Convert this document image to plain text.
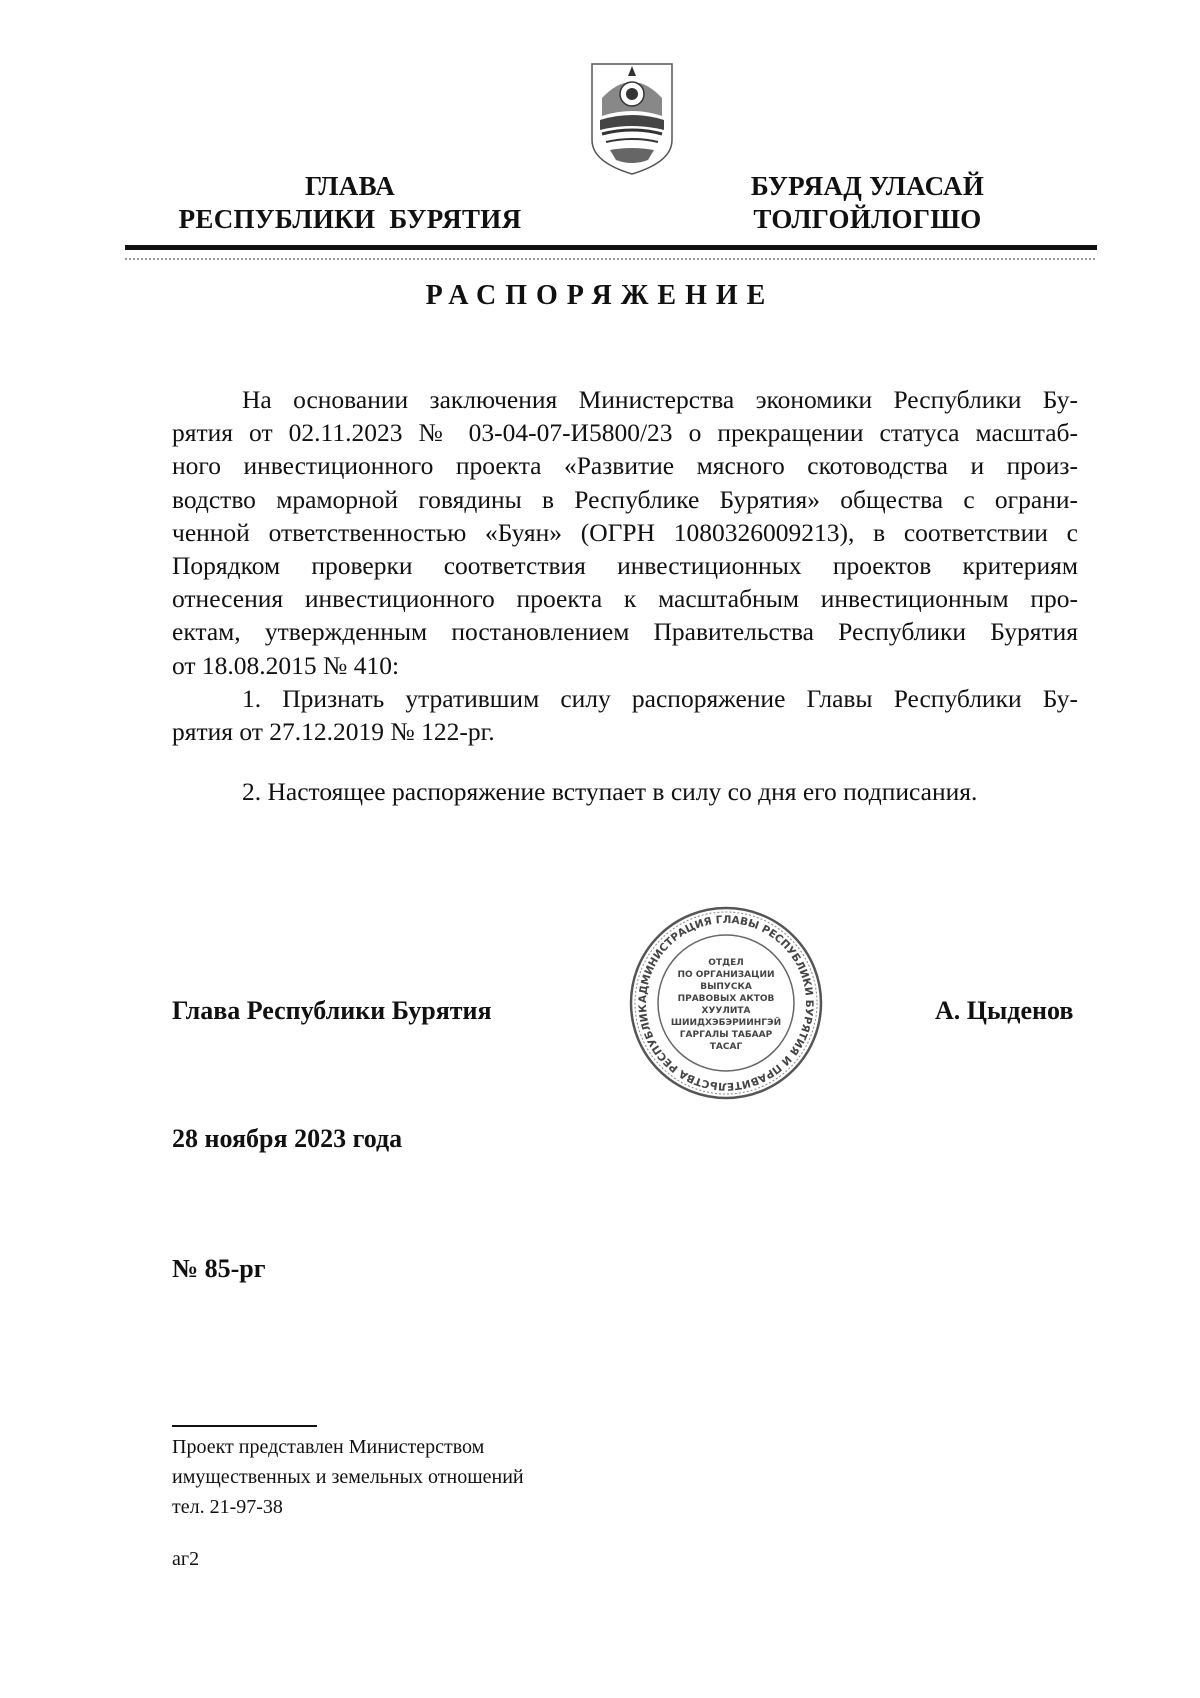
ГЛАВА
РЕСПУБЛИКИ  БУРЯТИЯ
БУРЯАД УЛАСАЙ
ТОЛГОЙЛОГШО
РАСПОРЯЖЕНИЕ
На основании заключения Министерства экономики Республики Бу-
рятия от 02.11.2023 № 03-04-07-И5800/23 о прекращении статуса масштаб-
ного инвестиционного проекта «Развитие мясного скотоводства и произ-
водство мраморной говядины в Республике Бурятия» общества с ограни-
ченной ответственностью «Буян» (ОГРН 1080326009213), в соответствии с
Порядком проверки соответствия инвестиционных проектов критериям
отнесения инвестиционного проекта к масштабным инвестиционным про-
ектам, утвержденным постановлением Правительства Республики Бурятия
от 18.08.2015 № 410:
1. Признать утратившим силу распоряжение Главы Республики Бу-
рятия от 27.12.2019 № 122-рг.
2. Настоящее распоряжение вступает в силу со дня его подписания.
Глава Республики Бурятия	АДМИНИСТРАЦИЯ ГЛАВЫ РЕСПУБЛИКИ БУРЯТИЯ И ПРАВИТЕЛЬСТВА РЕСПУБЛИК
ОТДЕЛ
ПО ОРГАНИЗАЦИИ
ВЫПУСКА
ПРАВОВЫХ АКТОВ
ХУУЛИТА
ШИИДХЭБЭРИИНГЭЙ
ГАРГАЛЫ ТАБААР
ТАСАГ
А. Цыденов
28 ноября 2023 года
№ 85-рг
Проект представлен Министерством
имущественных и земельных отношений
тел. 21-97-38
аг2
